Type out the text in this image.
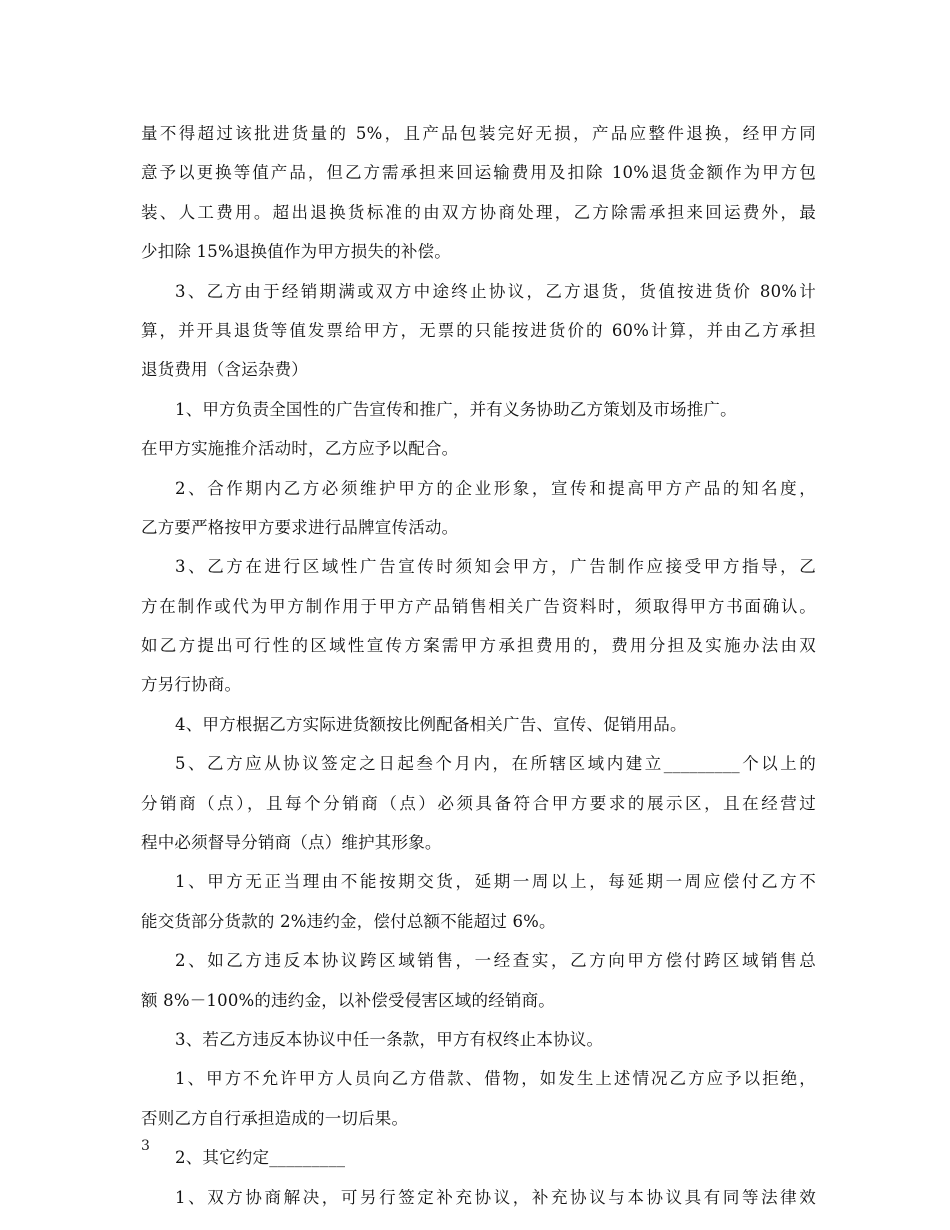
量不得超过该批进货量的 5%，且产品包装完好无损，产品应整件退换，经甲方同
意予以更换等值产品，但乙方需承担来回运输费用及扣除 10%退货金额作为甲方包
装、人工费用。超出退换货标准的由双方协商处理，乙方除需承担来回运费外，最
少扣除 15%退换值作为甲方损失的补偿。
3、乙方由于经销期满或双方中途终止协议，乙方退货，货值按进货价 80%计
算，并开具退货等值发票给甲方，无票的只能按进货价的 60%计算，并由乙方承担
退货费用（含运杂费）
1、甲方负责全国性的广告宣传和推广，并有义务协助乙方策划及市场推广。
在甲方实施推介活动时，乙方应予以配合。
2、合作期内乙方必须维护甲方的企业形象，宣传和提高甲方产品的知名度，
乙方要严格按甲方要求进行品牌宣传活动。
3、乙方在进行区域性广告宣传时须知会甲方，广告制作应接受甲方指导，乙
方在制作或代为甲方制作用于甲方产品销售相关广告资料时，须取得甲方书面确认。
如乙方提出可行性的区域性宣传方案需甲方承担费用的，费用分担及实施办法由双
方另行协商。
4、甲方根据乙方实际进货额按比例配备相关广告、宣传、促销用品。
5、乙方应从协议签定之日起叁个月内，在所辖区域内建立_________个以上的
分销商（点），且每个分销商（点）必须具备符合甲方要求的展示区，且在经营过
程中必须督导分销商（点）维护其形象。
1、甲方无正当理由不能按期交货，延期一周以上，每延期一周应偿付乙方不
能交货部分货款的 2%违约金，偿付总额不能超过 6%。
2、如乙方违反本协议跨区域销售，一经查实，乙方向甲方偿付跨区域销售总
额 8%－100%的违约金，以补偿受侵害区域的经销商。
3、若乙方违反本协议中任一条款，甲方有权终止本协议。
1、甲方不允许甲方人员向乙方借款、借物，如发生上述情况乙方应予以拒绝，
否则乙方自行承担造成的一切后果。
2、其它约定_________
1、双方协商解决，可另行签定补充协议，补充协议与本协议具有同等法律效
3
